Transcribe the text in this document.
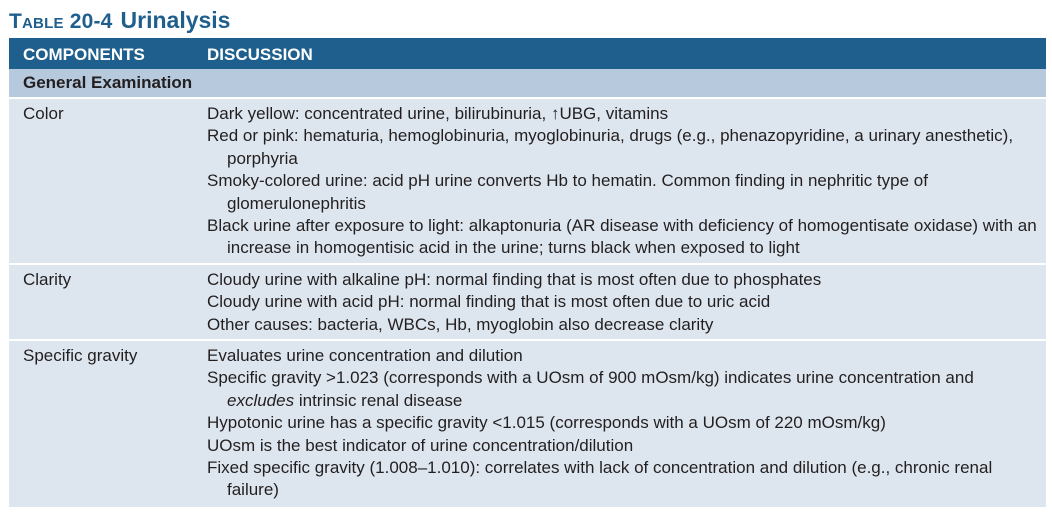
Table 20-4 Urinalysis
COMPONENTS	DISCUSSION
General Examination
Color	Dark yellow: concentrated urine, bilirubinuria, ↑UBG, vitamins
Red or pink: hematuria, hemoglobinuria, myoglobinuria, drugs (e.g., phenazopyridine, a urinary anesthetic), porphyria
Smoky-colored urine: acid pH urine converts Hb to hematin. Common finding in nephritic type of glomerulonephritis
Black urine after exposure to light: alkaptonuria (AR disease with deficiency of homogentisate oxidase) with an increase in homogentisic acid in the urine; turns black when exposed to light
Clarity	Cloudy urine with alkaline pH: normal finding that is most often due to phosphates
Cloudy urine with acid pH: normal finding that is most often due to uric acid
Other causes: bacteria, WBCs, Hb, myoglobin also decrease clarity
Specific gravity	Evaluates urine concentration and dilution
Specific gravity >1.023 (corresponds with a UOsm of 900 mOsm/kg) indicates urine concentration and excludes intrinsic renal disease
Hypotonic urine has a specific gravity <1.015 (corresponds with a UOsm of 220 mOsm/kg)
UOsm is the best indicator of urine concentration/dilution
Fixed specific gravity (1.008–1.010): correlates with lack of concentration and dilution (e.g., chronic renal failure)
